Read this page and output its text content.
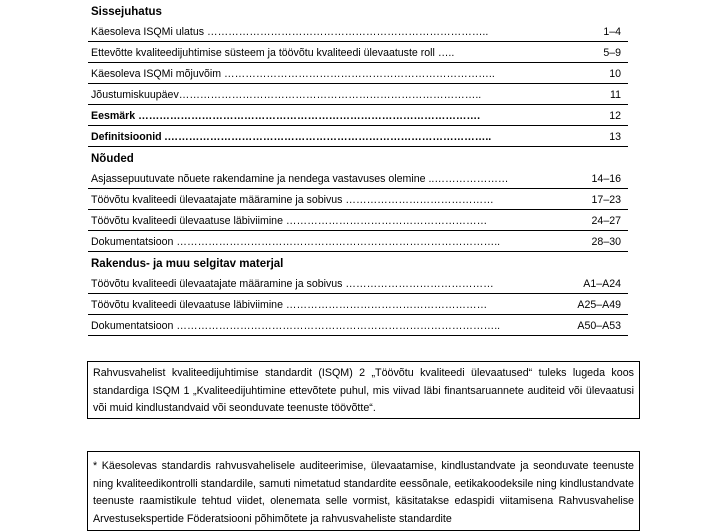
Sissejuhatus
Käesoleva ISQMi ulatus ……………………………………………………………………..	1–4
Ettevõtte kvaliteedijuhtimise süsteem ja töövõtu kvaliteedi ülevaatuste roll …..	5–9
Käesoleva ISQMi mõjuvõim …………………………………………………………………..	10
Jõustumiskuupäev…………………………………………………………………………..	11
Eesmärk …………………………………………………………………………………….	12
Definitsioonid .………………………………………………………………………………..	13
Nõuded
Asjassepuutuvate nõuete rakendamine ja nendega vastavuses olemine ..…………………	14–16
Töövõtu kvaliteedi ülevaatajate määramine ja sobivus ……………………………………	17–23
Töövõtu kvaliteedi ülevaatuse läbiviimine …………………………………………………	24–27
Dokumentatsioon ………………………………………………………………………………..	28–30
Rakendus- ja muu selgitav materjal
Töövõtu kvaliteedi ülevaatajate määramine ja sobivus ……………………………………	A1–A24
Töövõtu kvaliteedi ülevaatuse läbiviimine …………………………………………………	A25–A49
Dokumentatsioon ………………………………………………………………………………..	A50–A53
Rahvusvahelist kvaliteedijuhtimise standardit (ISQM) 2 „Töövõtu kvaliteedi ülevaatused“ tuleks lugeda koos standardiga ISQM 1 „Kvaliteedijuhtimine ettevõtete puhul, mis viivad läbi finantsaruannete auditeid või ülevaatusi või muid kindlustandvaid või seonduvate teenuste töövõtte“.
* Käesolevas standardis rahvusvahelisele auditeerimise, ülevaatamise, kindlustandvate ja seonduvate teenuste ning kvaliteedikontrolli standardile, samuti nimetatud standardite eessõnale, eetikakoodeksile ning kindlustandvate teenuste raamistikule tehtud viidet, olenemata selle vormist, käsitatakse edaspidi viitamisena Rahvusvahelise Arvestusekspertide Föderatsiooni põhimõtete ja rahvusvaheliste standardite
